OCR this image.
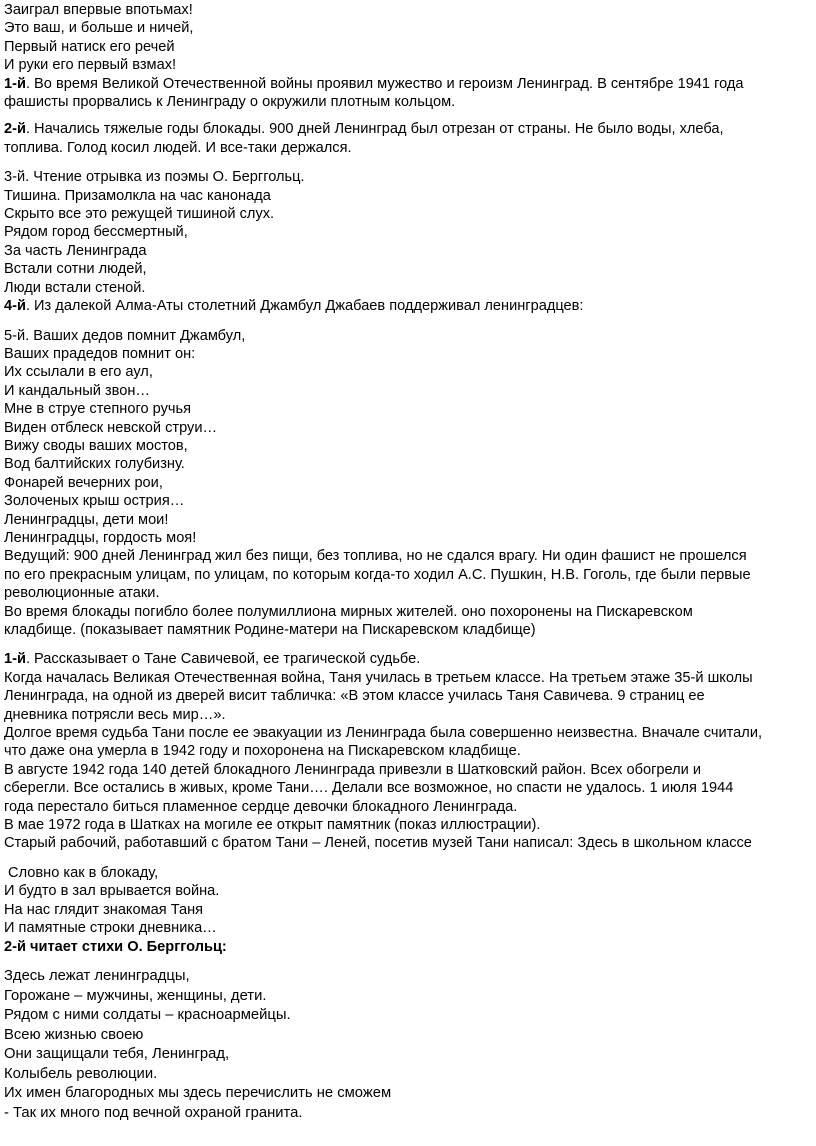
Заиграл впервые впотьмах!
Это ваш, и больше и ничей,
Первый натиск его речей
И руки его первый взмах!
1-й. Во время Великой Отечественной войны проявил мужество и героизм Ленинград. В сентябре 1941 года
фашисты прорвались к Ленинграду о окружили плотным кольцом.
2-й. Начались тяжелые годы блокады. 900 дней Ленинград был отрезан от страны. Не было воды, хлеба,
топлива. Голод косил людей. И все-таки держался.
3-й. Чтение отрывка из поэмы О. Берггольц.
Тишина. Призамолкла на час канонада
Скрыто все это режущей тишиной слух.
Рядом город бессмертный,
За часть Ленинграда
Встали сотни людей,
Люди встали стеной.
4-й. Из далекой Алма-Аты столетний Джамбул Джабаев поддерживал ленинградцев:
5-й. Ваших дедов помнит Джамбул,
Ваших прадедов помнит он:
Их ссылали в его аул,
И кандальный звон…
Мне в струе степного ручья
Виден отблеск невской струи…
Вижу своды ваших мостов,
Вод балтийских голубизну.
Фонарей вечерних рои,
Золоченых крыш острия…
Ленинградцы, дети мои!
Ленинградцы, гордость моя!
Ведущий: 900 дней Ленинград жил без пищи, без топлива, но не сдался врагу. Ни один фашист не прошелся
по его прекрасным улицам, по улицам, по которым когда-то ходил А.С. Пушкин, Н.В. Гоголь, где были первые
революционные атаки.
Во время блокады погибло более полумиллиона мирных жителей. оно похоронены на Пискаревском
кладбище. (показывает памятник Родине-матери на Пискаревском кладбище)
1-й. Рассказывает о Тане Савичевой, ее трагической судьбе.
Когда началась Великая Отечественная война, Таня училась в третьем классе. На третьем этаже 35-й школы
Ленинграда, на одной из дверей висит табличка: «В этом классе училась Таня Савичева. 9 страниц ее
дневника потрясли весь мир…».
Долгое время судьба Тани после ее эвакуации из Ленинграда была совершенно неизвестна. Вначале считали,
что даже она умерла в 1942 году и похоронена на Пискаревском кладбище.
В августе 1942 года 140 детей блокадного Ленинграда привезли в Шатковский район. Всех обогрели и
сберегли. Все остались в живых, кроме Тани…. Делали все возможное, но спасти не удалось. 1 июля 1944
года перестало биться пламенное сердце девочки блокадного Ленинграда.
В мае 1972 года в Шатках на могиле ее открыт памятник (показ иллюстрации).
Старый рабочий, работавший с братом Тани – Леней, посетив музей Тани написал: Здесь в школьном классе
Словно как в блокаду,
И будто в зал врывается война.
На нас глядит знакомая Таня
И памятные строки дневника…
2-й читает стихи О. Берггольц:
Здесь лежат ленинградцы,
Горожане – мужчины, женщины, дети.
Рядом с ними солдаты – красноармейцы.
Всею жизнью своею
Они защищали тебя, Ленинград,
Колыбель революции.
Их имен благородных мы здесь перечислить не сможем
- Так их много под вечной охраной гранита.
